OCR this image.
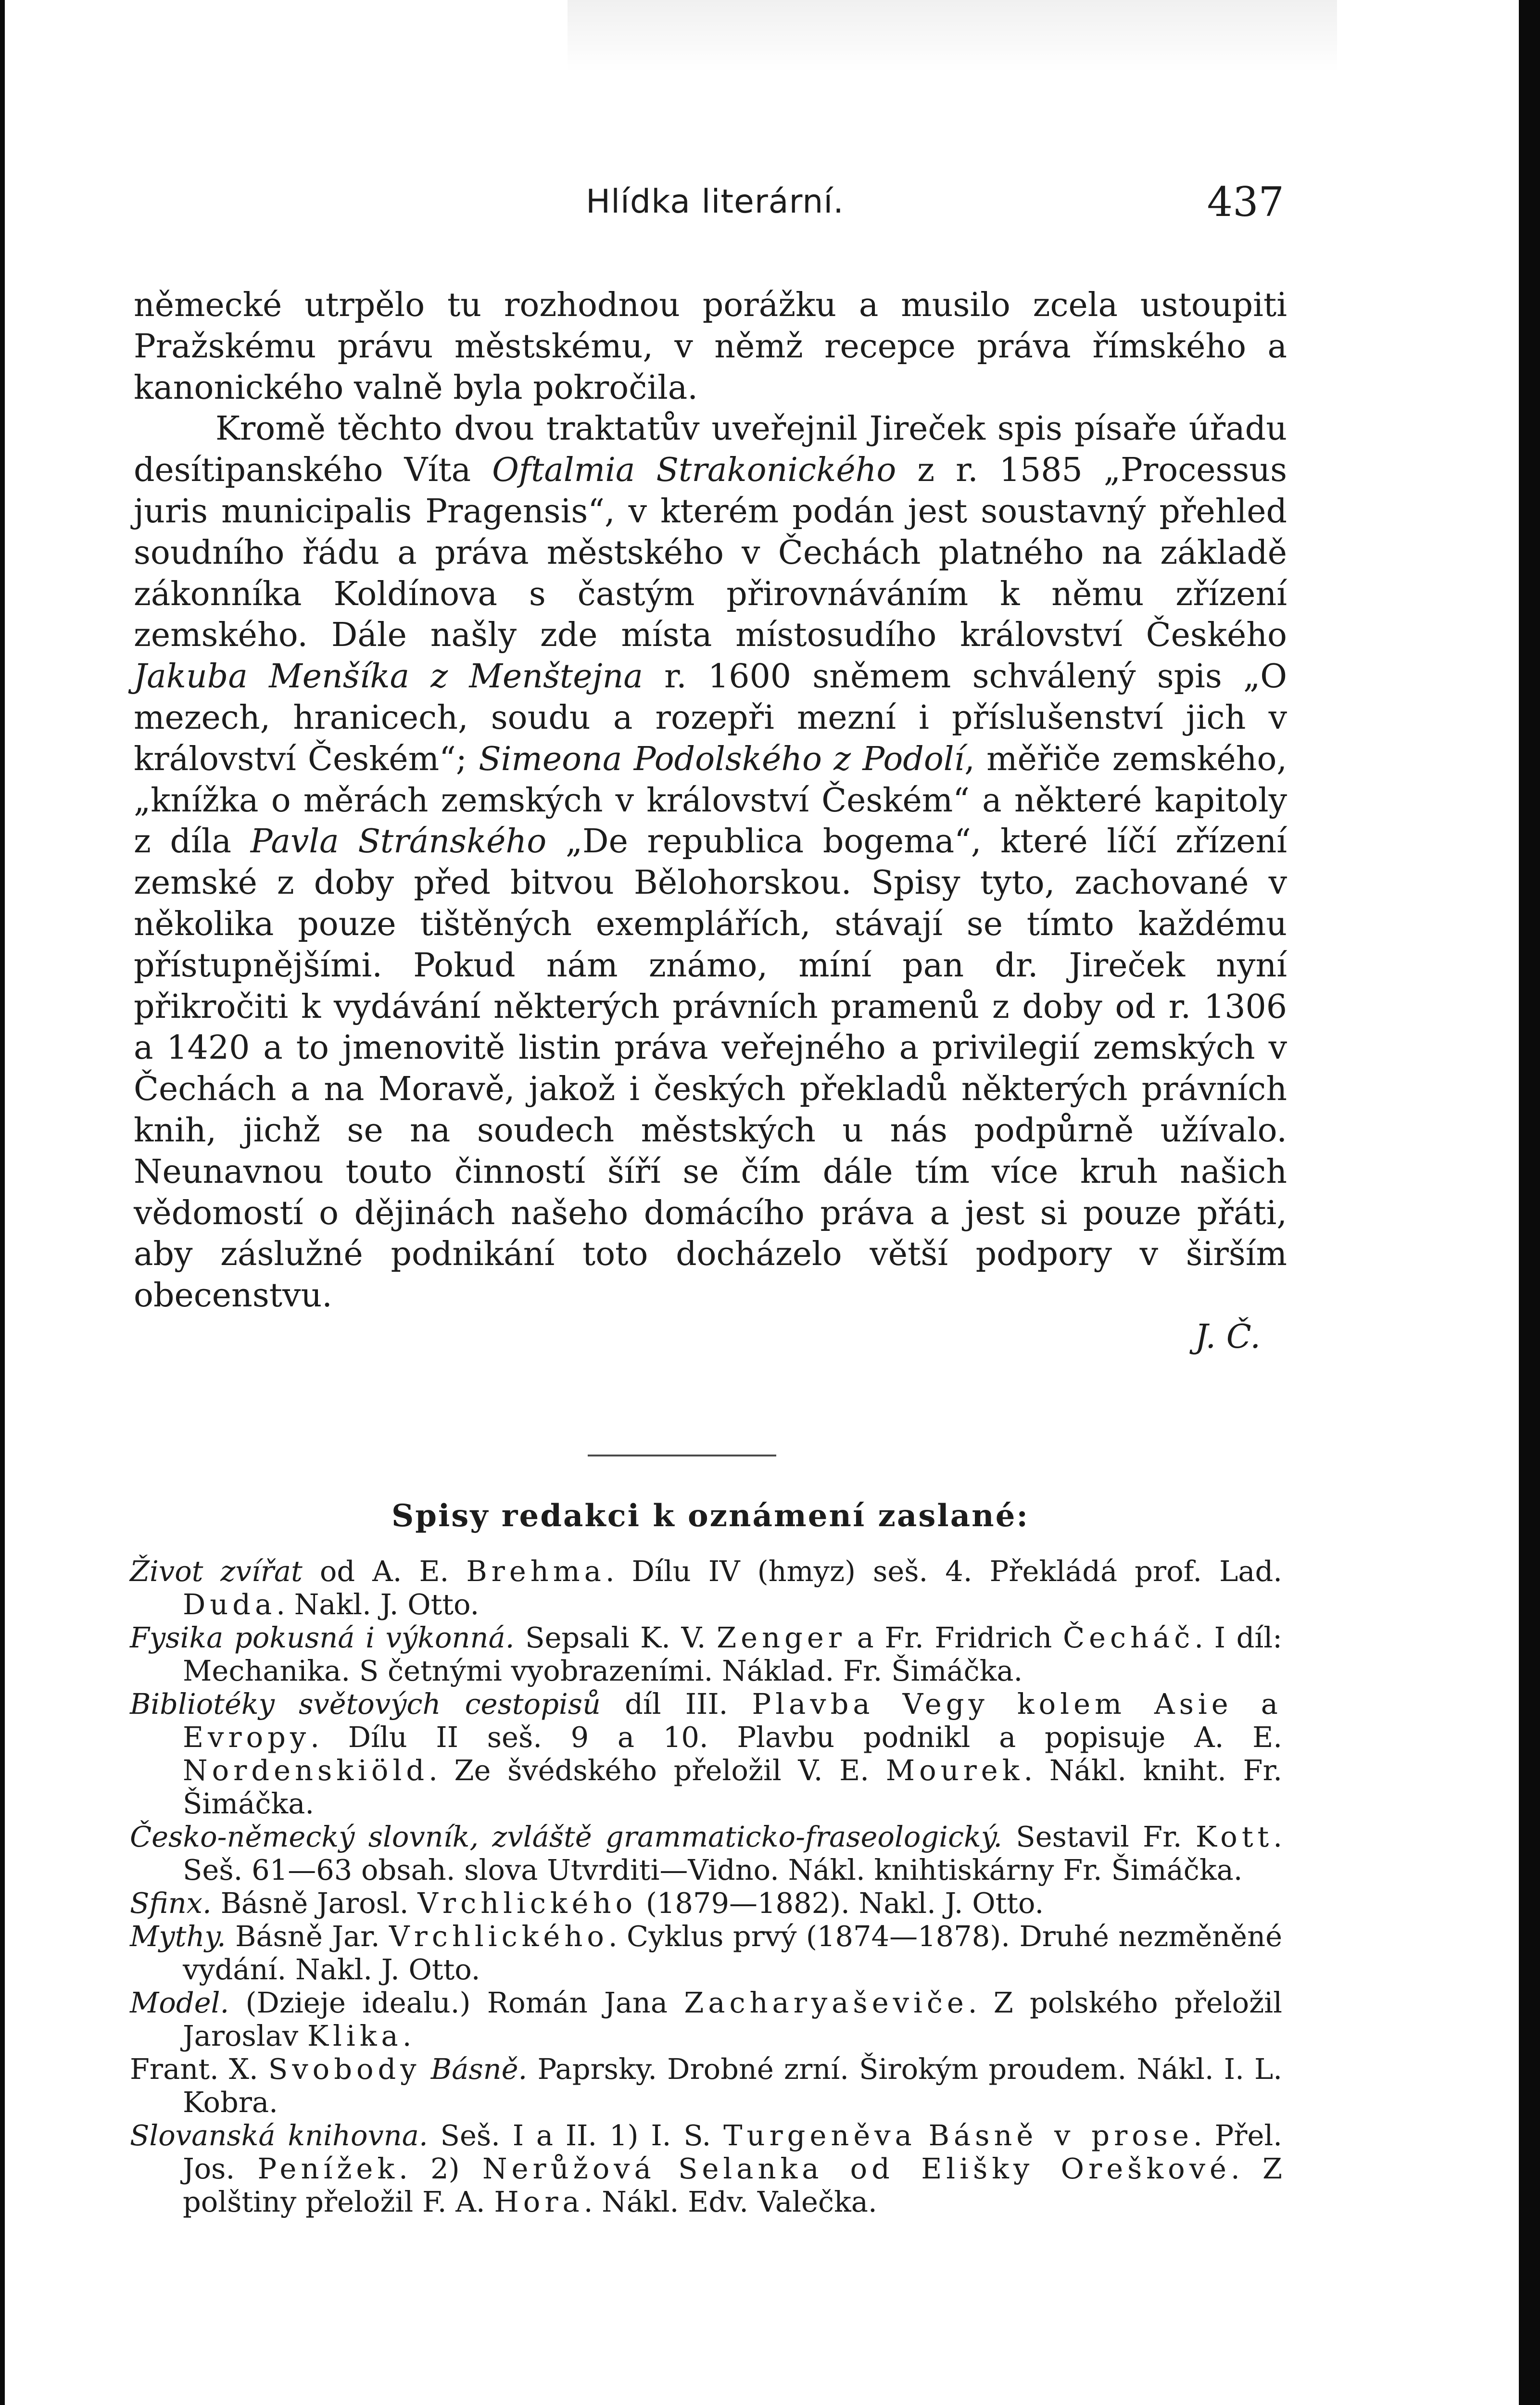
Hlídka literární.	437

německé utrpělo tu rozhodnou porážku a musilo zcela ustoupiti Pražskému právu městskému, v němž recepce práva římského a kanonického valně byla pokročila.

Kromě těchto dvou traktatův uveřejnil Jireček spis písaře úřadu desítipanského Víta Oftalmia Strakonického z r. 1585 „Processus juris municipalis Pragensis“, v kterém podán jest soustavný přehled soudního řádu a práva městského v Čechách platného na základě zákonníka Koldínova s častým přirovnáváním k němu zřízení zemského. Dále našly zde místa místosudího království Českého Jakuba Menšíka z Menštejna r. 1600 sněmem schválený spis „O mezech, hranicech, soudu a rozepři mezní i příslušenství jich v království Českém“; Simeona Podolského z Podolí, měřiče zemského, „knížka o měrách zemských v království Českém“ a některé kapitoly z díla Pavla Stránského „De republica bogema“, které líčí zřízení zemské z doby před bitvou Bělohorskou. Spisy tyto, zachované v několika pouze tištěných exemplářích, stávají se tímto každému přístupnějšími. Pokud nám známo, míní pan dr. Jireček nyní přikročiti k vydávání některých právních pramenů z doby od r. 1306 a 1420 a to jmenovitě listin práva veřejného a privilegií zemských v Čechách a na Moravě, jakož i českých překladů některých právních knih, jichž se na soudech městských u nás podpůrně užívalo. Neunavnou touto činností šíří se čím dále tím více kruh našich vědomostí o dějinách našeho domácího práva a jest si pouze přáti, aby záslužné podnikání toto docházelo větší podpory v širším obecenstvu.

J. Č.

Spisy redakci k oznámení zaslané:

Život zvířat od A. E. Brehma. Dílu IV (hmyz) seš. 4. Překládá prof. Lad. Duda. Nakl. J. Otto.

Fysika pokusná i výkonná. Sepsali K. V. Zenger a Fr. Fridrich Čecháč. I díl: Mechanika. S četnými vyobrazeními. Náklad. Fr. Šimáčka.

Bibliotéky světových cestopisů díl III. Plavba Vegy kolem Asie a Evropy. Dílu II seš. 9 a 10. Plavbu podnikl a popisuje A. E. Nordenskiöld. Ze švédského přeložil V. E. Mourek. Nákl. kniht. Fr. Šimáčka.

Česko-německý slovník, zvláště grammaticko-fraseologický. Sestavil Fr. Kott. Seš. 61—63 obsah. slova Utvrditi—Vidno. Nákl. knihtiskárny Fr. Šimáčka.

Sfinx. Básně Jarosl. Vrchlického (1879—1882). Nakl. J. Otto.

Mythy. Básně Jar. Vrchlického. Cyklus prvý (1874—1878). Druhé nezměněné vydání. Nakl. J. Otto.

Model. (Dzieje idealu.) Román Jana Zacharyaševiče. Z polského přeložil Jaroslav Klika.

Frant. X. Svobody Básně. Paprsky. Drobné zrní. Širokým proudem. Nákl. I. L. Kobra.

Slovanská knihovna. Seš. I a II. 1) I. S. Turgeněva Básně v prose. Přel. Jos. Penížek. 2) Nerůžová Selanka od Elišky Oreškové. Z polštiny přeložil F. A. Hora. Nákl. Edv. Valečka.
